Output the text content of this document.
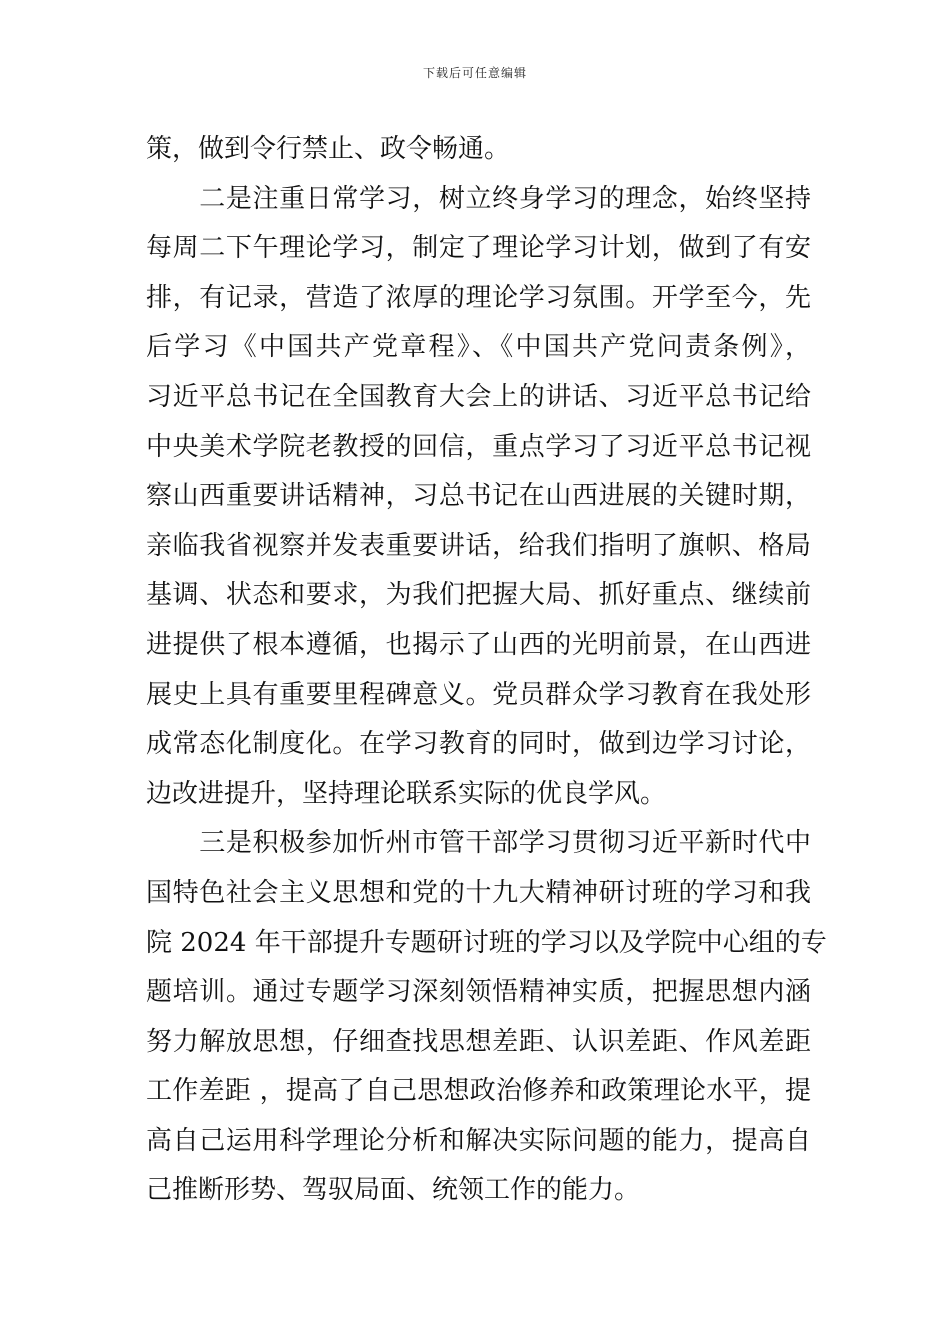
下载后可任意编辑
策，做到令行禁止、政令畅通。
　　二是注重日常学习，树立终身学习的理念，始终坚持
每周二下午理论学习，制定了理论学习计划，做到了有安
排，有记录，营造了浓厚的理论学习氛围。开学至今，先
后学习《中国共产党章程》、《中国共产党问责条例》，
习近平总书记在全国教育大会上的讲话、习近平总书记给
中央美术学院老教授的回信，重点学习了习近平总书记视
察山西重要讲话精神，习总书记在山西进展的关键时期，
亲临我省视察并发表重要讲话，给我们指明了旗帜、格局
基调、状态和要求，为我们把握大局、抓好重点、继续前
进提供了根本遵循，也揭示了山西的光明前景，在山西进
展史上具有重要里程碑意义。党员群众学习教育在我处形
成常态化制度化。在学习教育的同时，做到边学习讨论，
边改进提升，坚持理论联系实际的优良学风。
　　三是积极参加忻州市管干部学习贯彻习近平新时代中
国特色社会主义思想和党的十九大精神研讨班的学习和我
院 2024 年干部提升专题研讨班的学习以及学院中心组的专
题培训。通过专题学习深刻领悟精神实质，把握思想内涵
努力解放思想，仔细查找思想差距、认识差距、作风差距
工作差距 ，提高了自己思想政治修养和政策理论水平，提
高自己运用科学理论分析和解决实际问题的能力，提高自
己推断形势、驾驭局面、统领工作的能力。
